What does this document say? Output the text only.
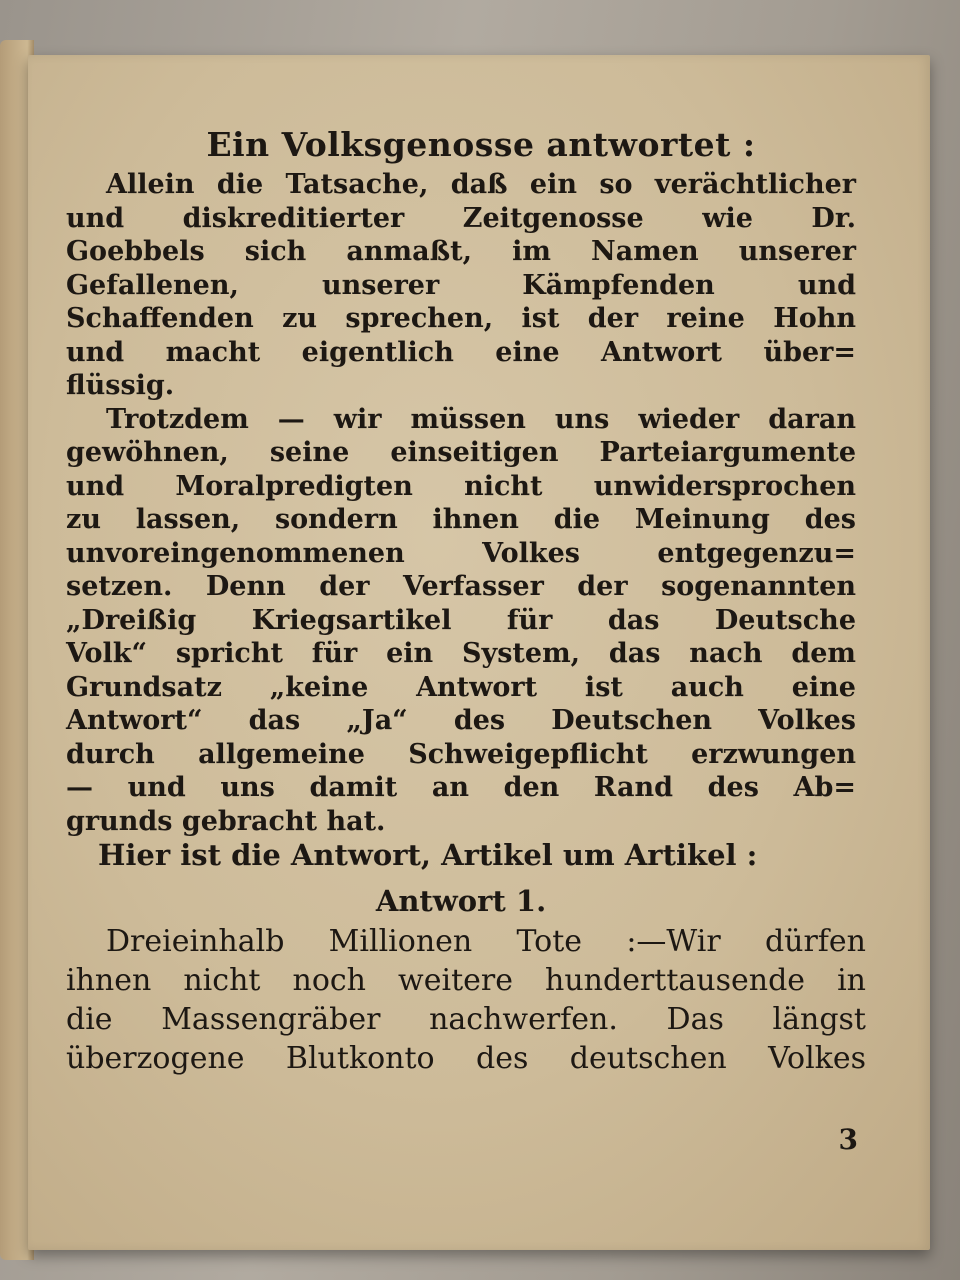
Ein Volksgenosse antwortet :
Allein die Tatsache, daß ein so verächtlicher
und diskreditierter Zeitgenosse wie Dr.
Goebbels sich anmaßt, im Namen unserer
Gefallenen, unserer Kämpfenden und
Schaffenden zu sprechen, ist der reine Hohn
und macht eigentlich eine Antwort über=
flüssig.
Trotzdem — wir müssen uns wieder daran
gewöhnen, seine einseitigen Parteiargumente
und Moralpredigten nicht unwidersprochen
zu lassen, sondern ihnen die Meinung des
unvoreingenommenen Volkes entgegenzu=
setzen. Denn der Verfasser der sogenannten
„Dreißig Kriegsartikel für das Deutsche
Volk“ spricht für ein System, das nach dem
Grundsatz „keine Antwort ist auch eine
Antwort“ das „Ja“ des Deutschen Volkes
durch allgemeine Schweigepflicht erzwungen
— und uns damit an den Rand des Ab=
grunds gebracht hat.
Hier ist die Antwort, Artikel um Artikel :
Antwort 1.
Dreieinhalb Millionen Tote :—Wir dürfen
ihnen nicht noch weitere hunderttausende in
die Massengräber nachwerfen. Das längst
überzogene Blutkonto des deutschen Volkes
3
